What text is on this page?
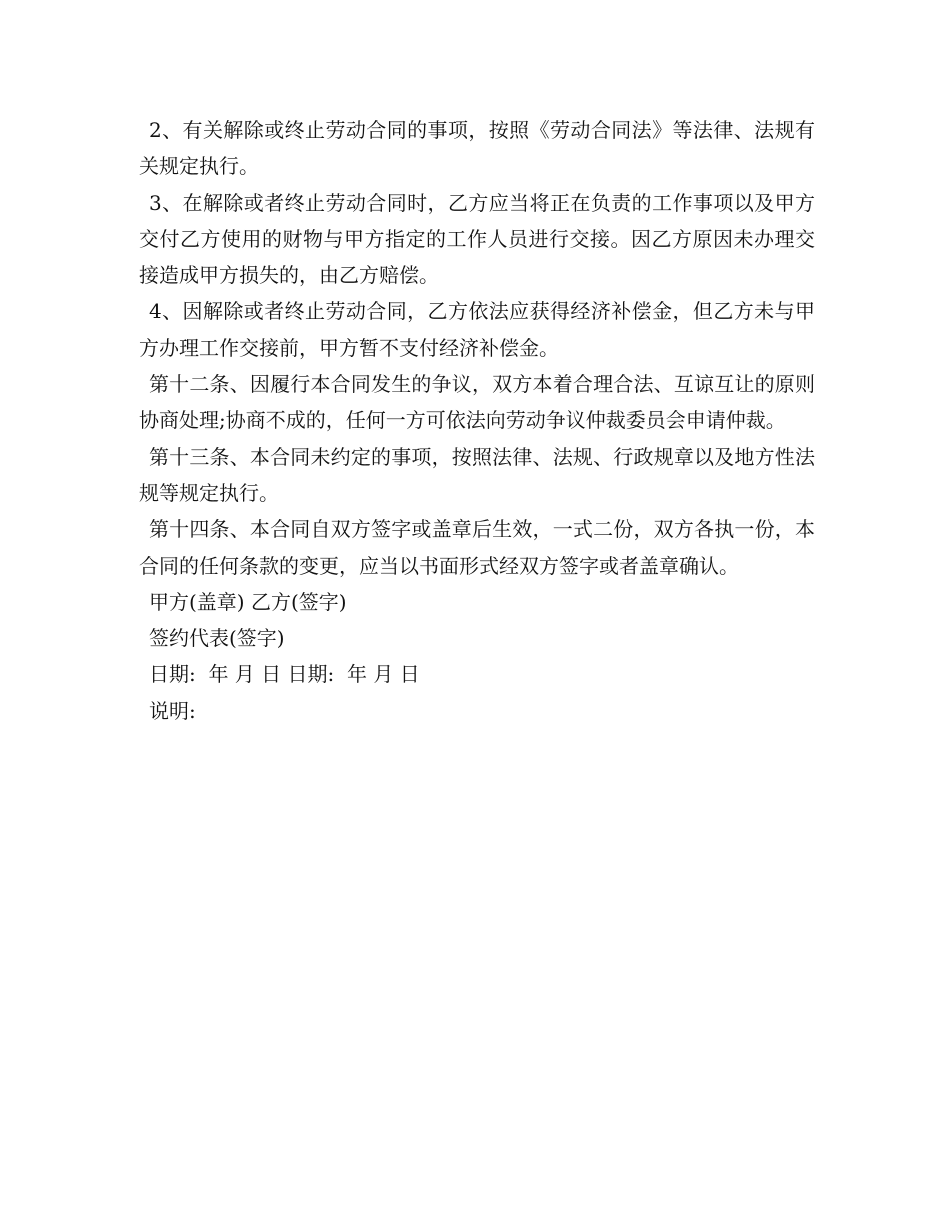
2、有关解除或终止劳动合同的事项，按照《劳动合同法》等法律、法规有关规定执行。

3、在解除或者终止劳动合同时，乙方应当将正在负责的工作事项以及甲方交付乙方使用的财物与甲方指定的工作人员进行交接。因乙方原因未办理交接造成甲方损失的，由乙方赔偿。

4、因解除或者终止劳动合同，乙方依法应获得经济补偿金，但乙方未与甲方办理工作交接前，甲方暂不支付经济补偿金。

第十二条、因履行本合同发生的争议，双方本着合理合法、互谅互让的原则协商处理;协商不成的，任何一方可依法向劳动争议仲裁委员会申请仲裁。

第十三条、本合同未约定的事项，按照法律、法规、行政规章以及地方性法规等规定执行。

第十四条、本合同自双方签字或盖章后生效，一式二份，双方各执一份，本合同的任何条款的变更，应当以书面形式经双方签字或者盖章确认。

甲方(盖章) 乙方(签字)

签约代表(签字)

日期:  年 月 日 日期:  年 月 日

说明:
